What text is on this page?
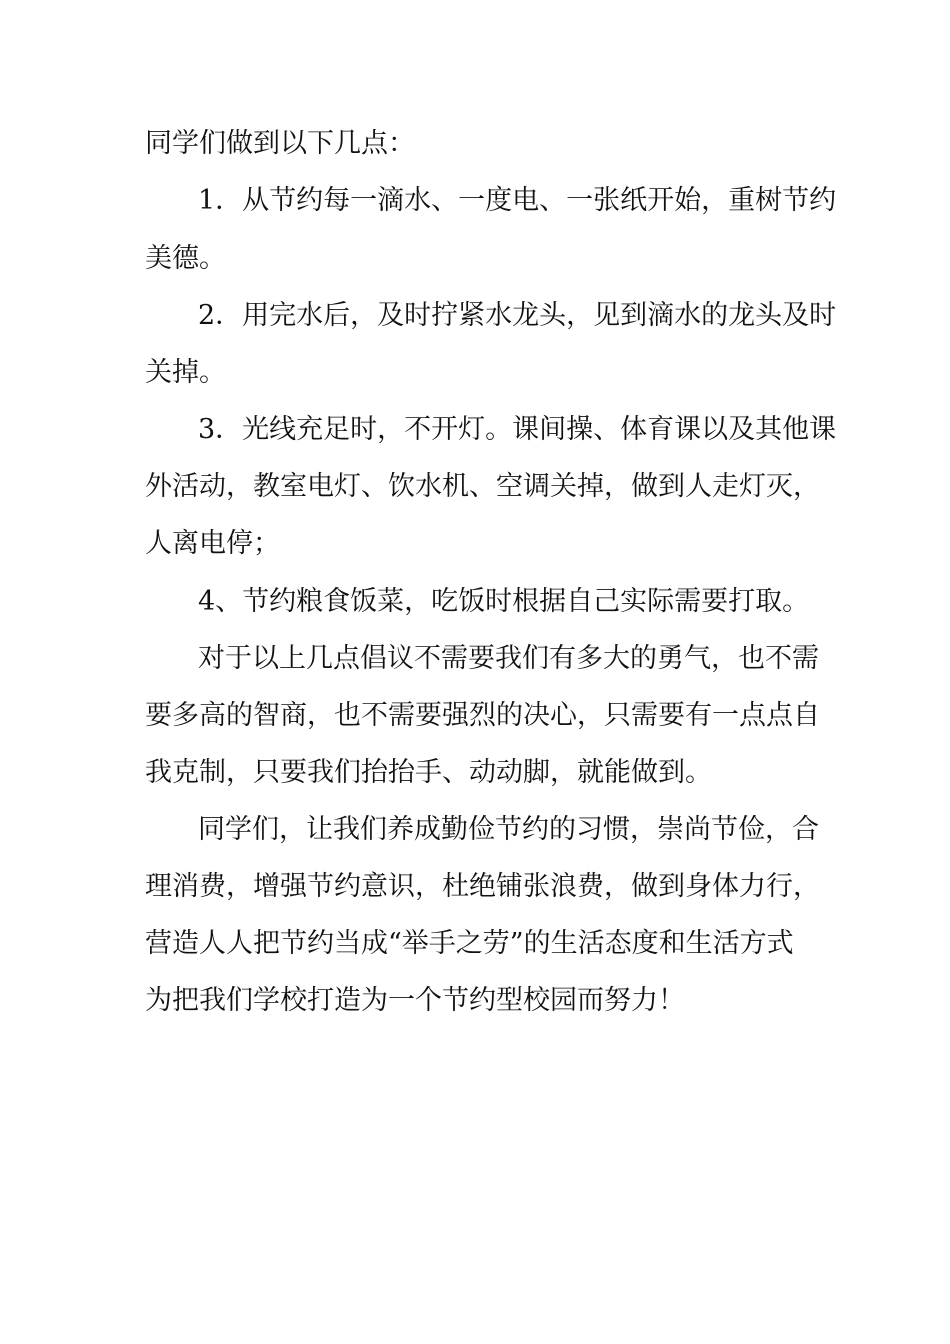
同学们做到以下几点：
1．从节约每一滴水、一度电、一张纸开始，重树节约
美德。
2．用完水后，及时拧紧水龙头，见到滴水的龙头及时
关掉。
3．光线充足时，不开灯。课间操、体育课以及其他课
外活动，教室电灯、饮水机、空调关掉，做到人走灯灭，
人离电停；
4、节约粮食饭菜，吃饭时根据自己实际需要打取。
对于以上几点倡议不需要我们有多大的勇气，也不需
要多高的智商，也不需要强烈的决心，只需要有一点点自
我克制，只要我们抬抬手、动动脚，就能做到。
同学们，让我们养成勤俭节约的习惯，崇尚节俭，合
理消费，增强节约意识，杜绝铺张浪费，做到身体力行，
营造人人把节约当成“举手之劳”的生活态度和生活方式
为把我们学校打造为一个节约型校园而努力！
